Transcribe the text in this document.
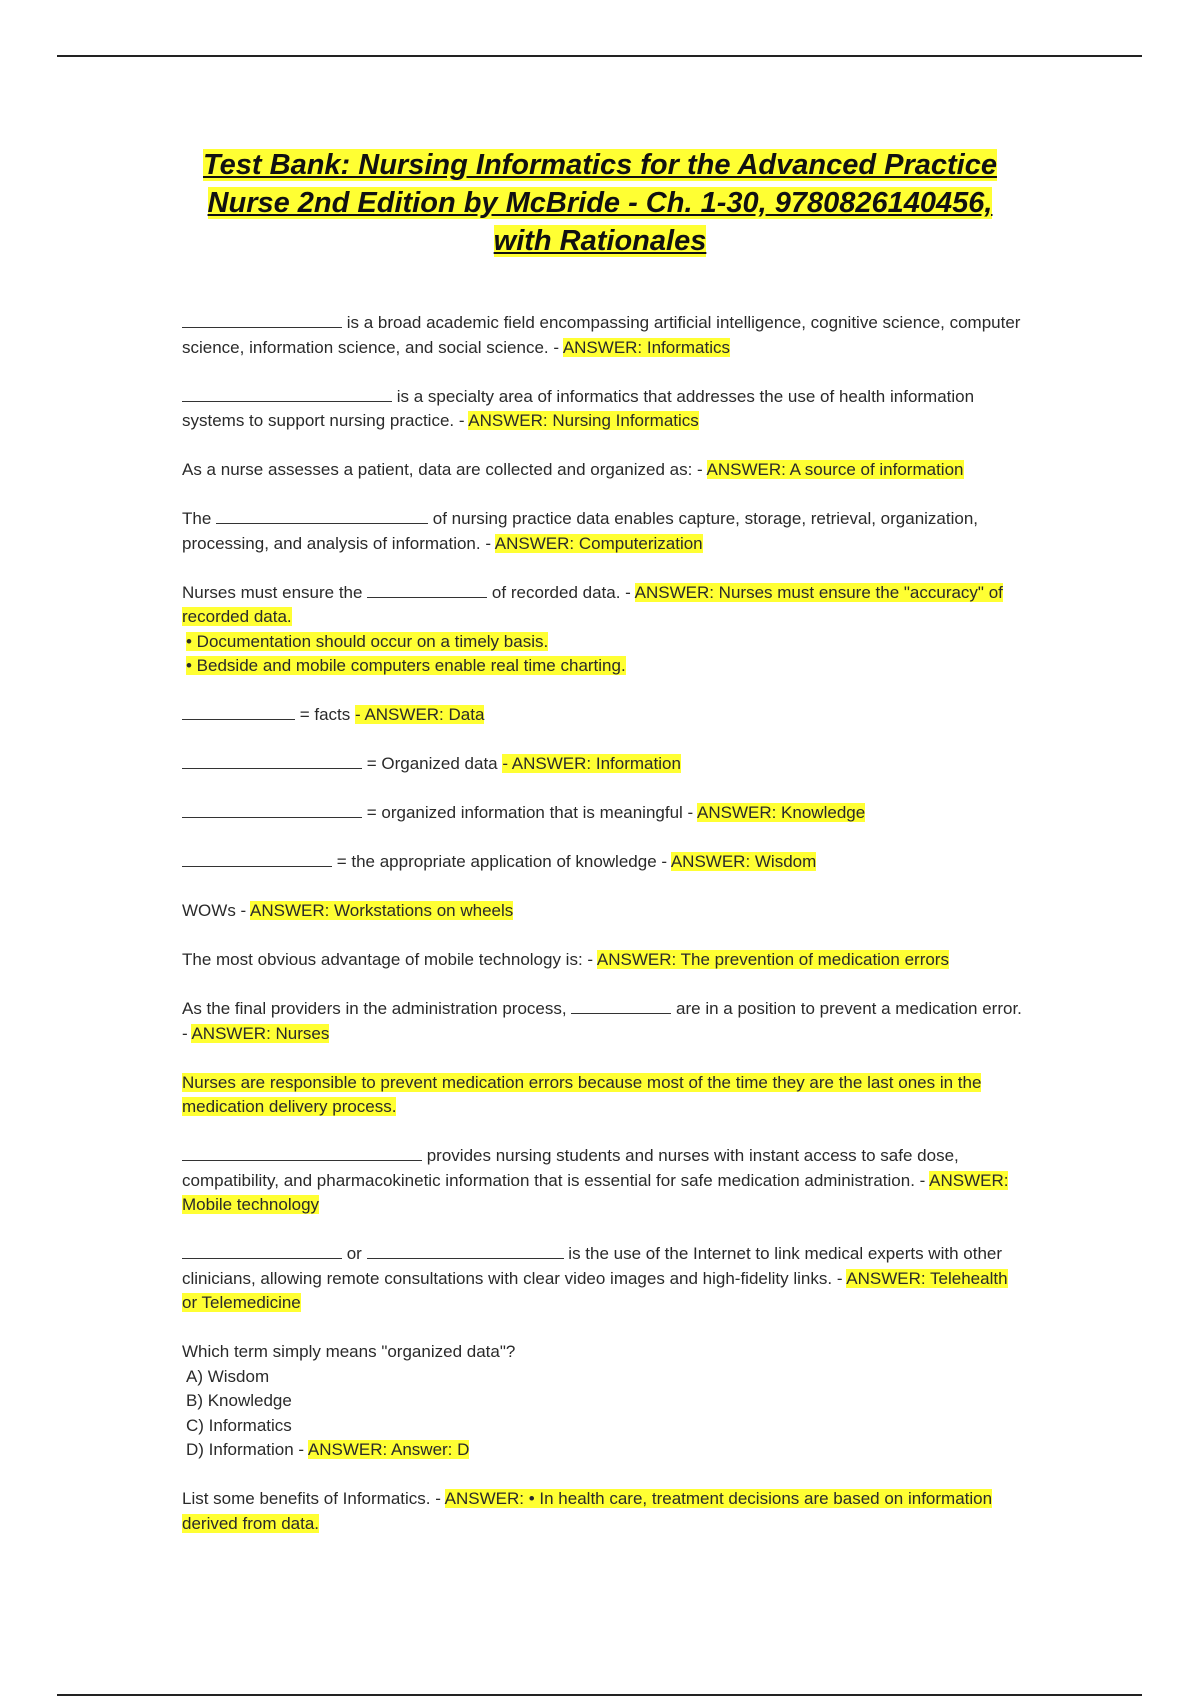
Test Bank: Nursing Informatics for the Advanced Practice Nurse 2nd Edition by McBride - Ch. 1-30, 9780826140456, with Rationales
is a broad academic field encompassing artificial intelligence, cognitive science, computer science, information science, and social science. - ANSWER: Informatics
is a specialty area of informatics that addresses the use of health information systems to support nursing practice. - ANSWER: Nursing Informatics
As a nurse assesses a patient, data are collected and organized as: - ANSWER: A source of information
The	of nursing practice data enables capture, storage, retrieval, organization, processing, and analysis of information. - ANSWER: Computerization
Nurses must ensure the	of recorded data. - ANSWER: Nurses must ensure the "accuracy" of recorded data.
• Documentation should occur on a timely basis.
• Bedside and mobile computers enable real time charting.
= facts - ANSWER: Data
= Organized data - ANSWER: Information
= organized information that is meaningful - ANSWER: Knowledge
= the appropriate application of knowledge - ANSWER: Wisdom
WOWs - ANSWER: Workstations on wheels
The most obvious advantage of mobile technology is: - ANSWER: The prevention of medication errors
As the final providers in the administration process,	are in a position to prevent a medication error. - ANSWER: Nurses
Nurses are responsible to prevent medication errors because most of the time they are the last ones in the medication delivery process.
provides nursing students and nurses with instant access to safe dose, compatibility, and pharmacokinetic information that is essential for safe medication administration. - ANSWER: Mobile technology
or	is the use of the Internet to link medical experts with other clinicians, allowing remote consultations with clear video images and high-fidelity links. - ANSWER: Telehealth or Telemedicine
Which term simply means "organized data"?
A) Wisdom
B) Knowledge
C) Informatics
D) Information - ANSWER: Answer: D
List some benefits of Informatics. - ANSWER: • In health care, treatment decisions are based on information derived from data.
